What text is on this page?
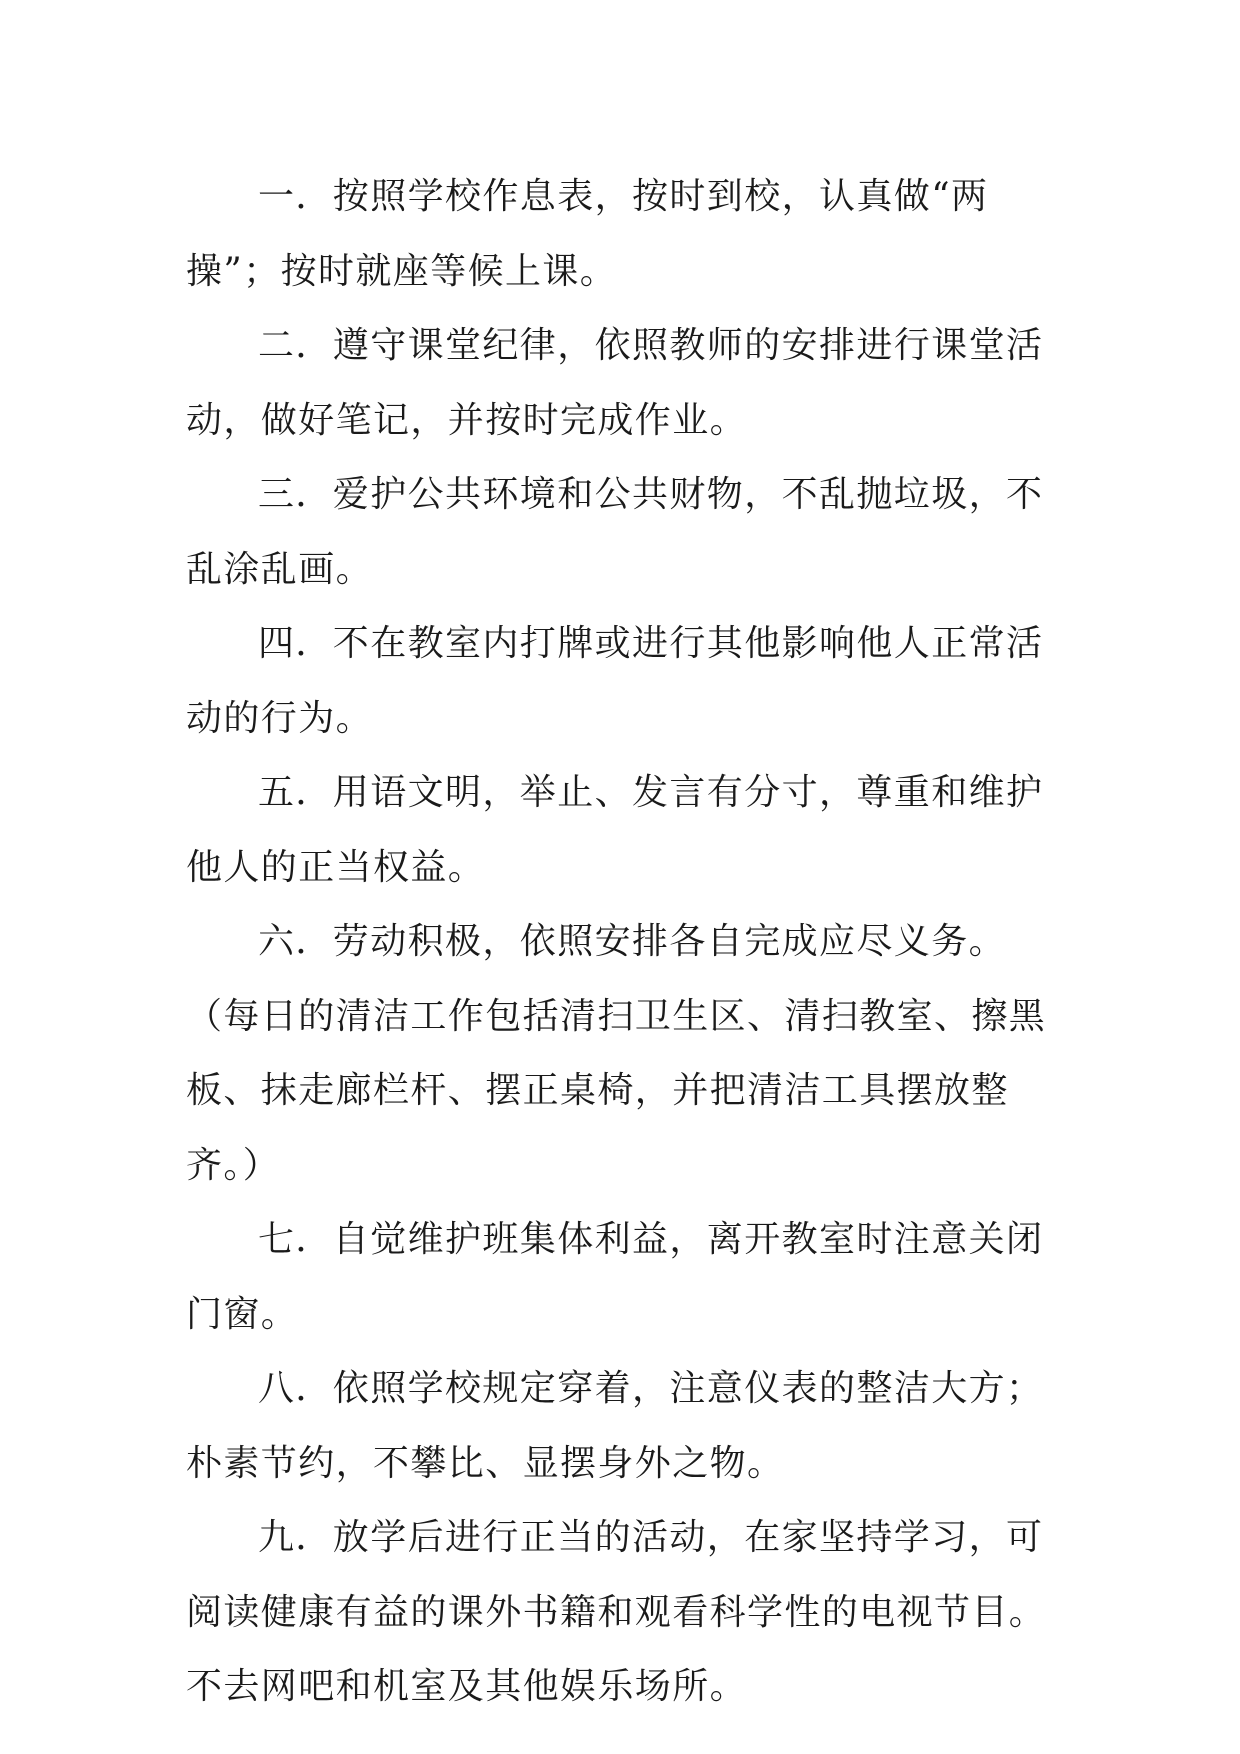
一．按照学校作息表，按时到校，认真做“两操”；按时就座等候上课。

二．遵守课堂纪律，依照教师的安排进行课堂活动，做好笔记，并按时完成作业。

三．爱护公共环境和公共财物，不乱抛垃圾，不乱涂乱画。

四．不在教室内打牌或进行其他影响他人正常活动的行为。

五．用语文明，举止、发言有分寸，尊重和维护他人的正当权益。

六．劳动积极，依照安排各自完成应尽义务。（每日的清洁工作包括清扫卫生区、清扫教室、擦黑板、抹走廊栏杆、摆正桌椅，并把清洁工具摆放整齐。）

七．自觉维护班集体利益，离开教室时注意关闭门窗。

八．依照学校规定穿着，注意仪表的整洁大方；朴素节约，不攀比、显摆身外之物。

九．放学后进行正当的活动，在家坚持学习，可阅读健康有益的课外书籍和观看科学性的电视节目。不去网吧和机室及其他娱乐场所。
